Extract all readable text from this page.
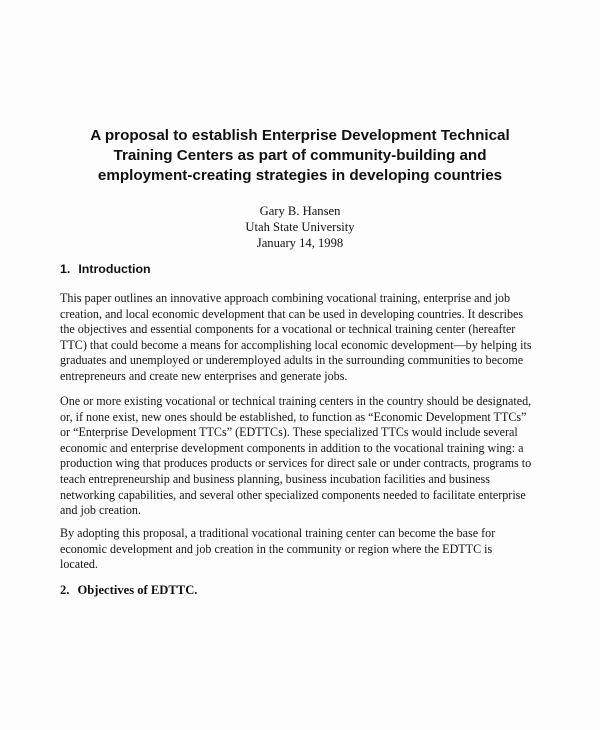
A proposal to establish Enterprise Development Technical
Training Centers as part of community-building and
employment-creating strategies in developing countries
Gary B. Hansen
Utah State University
January 14, 1998
1. Introduction
This paper outlines an innovative approach combining vocational training, enterprise and job
creation, and local economic development that can be used in developing countries. It describes
the objectives and essential components for a vocational or technical training center (hereafter
TTC) that could become a means for accomplishing local economic development—by helping its
graduates and unemployed or underemployed adults in the surrounding communities to become
entrepreneurs and create new enterprises and generate jobs.
One or more existing vocational or technical training centers in the country should be designated,
or, if none exist, new ones should be established, to function as “Economic Development TTCs”
or “Enterprise Development TTCs” (EDTTCs). These specialized TTCs would include several
economic and enterprise development components in addition to the vocational training wing: a
production wing that produces products or services for direct sale or under contracts, programs to
teach entrepreneurship and business planning, business incubation facilities and business
networking capabilities, and several other specialized components needed to facilitate enterprise
and job creation.
By adopting this proposal, a traditional vocational training center can become the base for
economic development and job creation in the community or region where the EDTTC is
located.
2. Objectives of EDTTC.
